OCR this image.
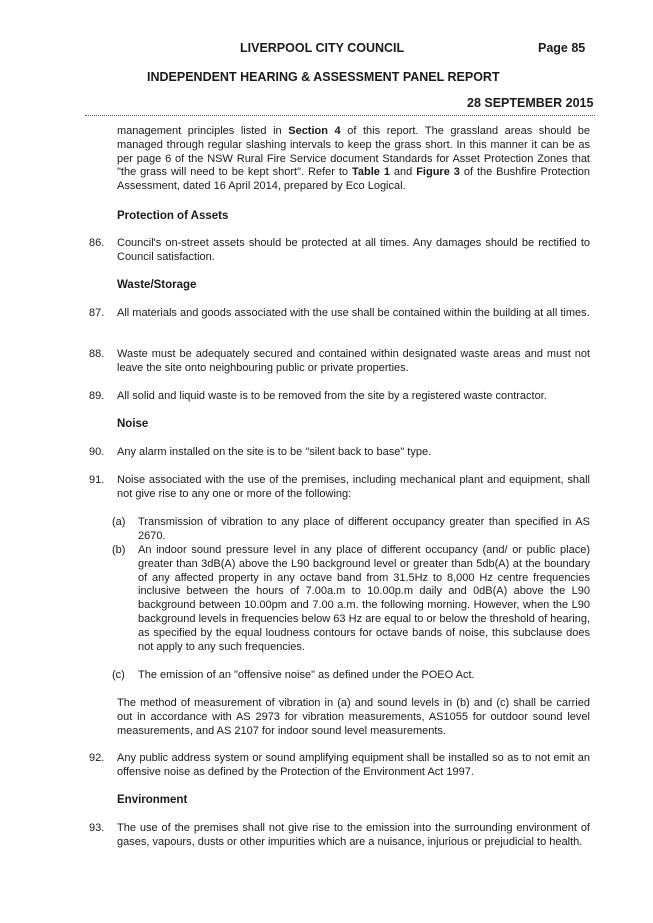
LIVERPOOL CITY COUNCIL	Page 85
INDEPENDENT HEARING & ASSESSMENT PANEL REPORT
28 SEPTEMBER 2015

management principles listed in Section 4 of this report. The grassland areas should be managed through regular slashing intervals to keep the grass short. In this manner it can be as per page 6 of the NSW Rural Fire Service document Standards for Asset Protection Zones that "the grass will need to be kept short". Refer to Table 1 and Figure 3 of the Bushfire Protection Assessment, dated 16 April 2014, prepared by Eco Logical.

Protection of Assets
86. Council's on-street assets should be protected at all times. Any damages should be rectified to Council satisfaction.

Waste/Storage
87. All materials and goods associated with the use shall be contained within the building at all times.

88. Waste must be adequately secured and contained within designated waste areas and must not leave the site onto neighbouring public or private properties.

89. All solid and liquid waste is to be removed from the site by a registered waste contractor.

Noise
90. Any alarm installed on the site is to be "silent back to base" type.

91. Noise associated with the use of the premises, including mechanical plant and equipment, shall not give rise to any one or more of the following:

(a) Transmission of vibration to any place of different occupancy greater than specified in AS 2670.

(b) An indoor sound pressure level in any place of different occupancy (and/ or public place) greater than 3dB(A) above the L90 background level or greater than 5db(A) at the boundary of any affected property in any octave band from 31.5Hz to 8,000 Hz centre frequencies inclusive between the hours of 7.00a.m to 10.00p.m daily and 0dB(A) above the L90 background between 10.00pm and 7.00 a.m. the following morning. However, when the L90 background levels in frequencies below 63 Hz are equal to or below the threshold of hearing, as specified by the equal loudness contours for octave bands of noise, this subclause does not apply to any such frequencies.

(c) The emission of an "offensive noise" as defined under the POEO Act.

The method of measurement of vibration in (a) and sound levels in (b) and (c) shall be carried out in accordance with AS 2973 for vibration measurements, AS1055 for outdoor sound level measurements, and AS 2107 for indoor sound level measurements.

92. Any public address system or sound amplifying equipment shall be installed so as to not emit an offensive noise as defined by the Protection of the Environment Act 1997.

Environment
93. The use of the premises shall not give rise to the emission into the surrounding environment of gases, vapours, dusts or other impurities which are a nuisance, injurious or prejudicial to health.
